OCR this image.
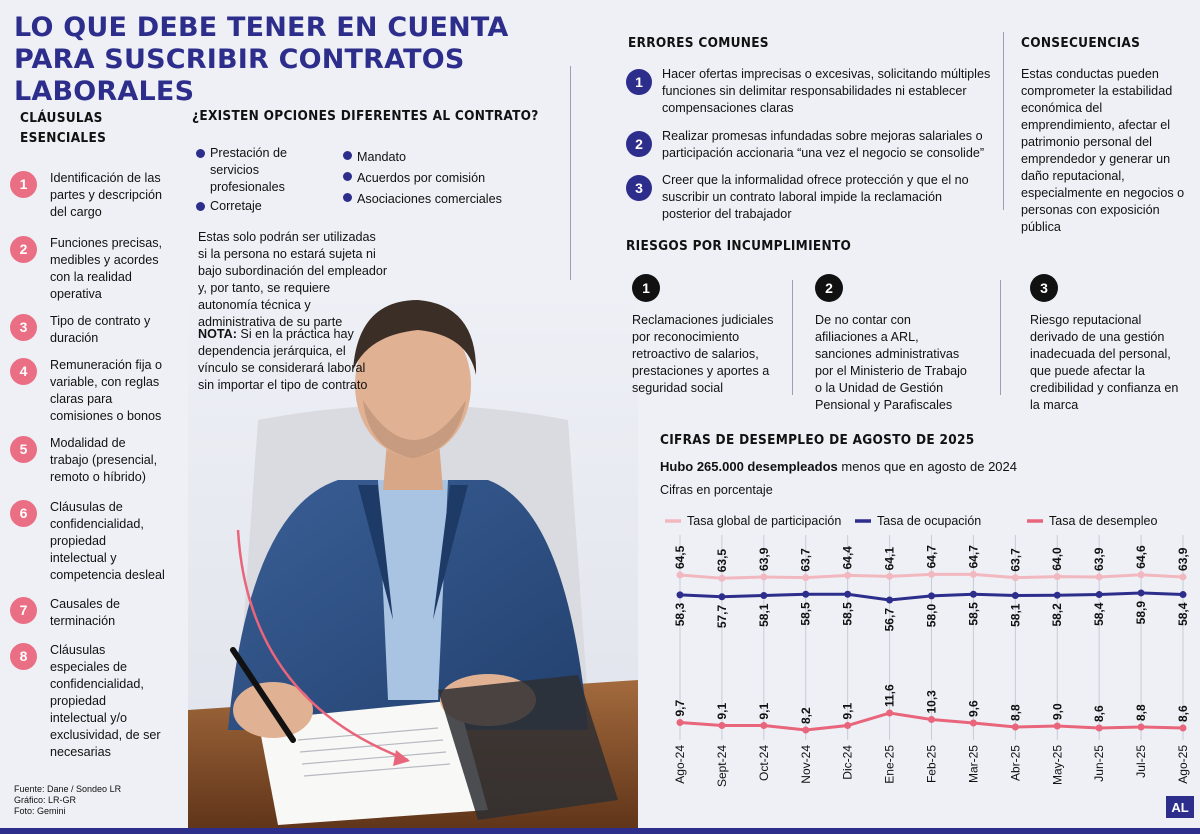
LO QUE DEBE TENER EN CUENTA PARA SUSCRIBIR CONTRATOS LABORALES
CLÁUSULAS
ESENCIALES
1	Identificación de las partes y descripción del cargo
2	Funciones precisas, medibles y acordes con la realidad operativa
3	Tipo de contrato y duración
4	Remuneración fija o variable, con reglas claras para comisiones o bonos
5	Modalidad de trabajo (presencial, remoto o híbrido)
6	Cláusulas de confidencialidad, propiedad intelectual y competencia desleal
7	Causales de terminación
8	Cláusulas especiales de confidencialidad, propiedad intelectual y/o exclusividad, de ser necesarias
¿EXISTEN OPCIONES DIFERENTES AL CONTRATO?
Prestación de servicios profesionales
Corretaje
Mandato
Acuerdos por comisión
Asociaciones comerciales
Estas solo podrán ser utilizadas si la persona no estará sujeta ni bajo subordinación del empleador y, por tanto, se requiere autonomía técnica y administrativa de su parte
NOTA: Si en la práctica hay dependencia jerárquica, el vínculo se considerará laboral sin importar el tipo de contrato
ERRORES COMUNES
1	Hacer ofertas imprecisas o excesivas, solicitando múltiples funciones sin delimitar responsabilidades ni establecer compensaciones claras
2	Realizar promesas infundadas sobre mejoras salariales o participación accionaria “una vez el negocio se consolide”
3	Creer que la informalidad ofrece protección y que el no suscribir un contrato laboral impide la reclamación posterior del trabajador
CONSECUENCIAS
Estas conductas pueden comprometer la estabilidad económica del emprendimiento, afectar el patrimonio personal del emprendedor y generar un daño reputacional, especialmente en negocios o personas con exposición pública
RIESGOS POR INCUMPLIMIENTO
1
Reclamaciones judiciales por reconocimiento retroactivo de salarios, prestaciones y aportes a seguridad social
2
De no contar con afiliaciones a ARL, sanciones administrativas por el Ministerio de Trabajo o la Unidad de Gestión Pensional y Parafiscales
3
Riesgo reputacional derivado de una gestión inadecuada del personal, que puede afectar la credibilidad y confianza en la marca
CIFRAS DE DESEMPLEO DE AGOSTO DE 2025
Hubo 265.000 desempleados menos que en agosto de 2024
Cifras en porcentaje
Tasa global de participación	Tasa de ocupación	Tasa de desempleo
64,5 63,5 63,9 63,7 64,4 64,1 64,7 64,7 63,7 64,0 63,9 64,6 63,9
58,3 57,7 58,1 58,5 58,5 56,7 58,0 58,5 58,1 58,2 58,4 58,9 58,4
9,7 9,1 9,1 8,2 9,1
11,6 10,3 9,6 8,8 9,0 8,6 8,8 8,6
Ago-24 Sept-24 Oct-24 Nov-24 Dic-24 Ene-25 Feb-25 Mar-25 Abr-25 May-25 Jun-25 Jul-25 Ago-25
Fuente: Dane / Sondeo LR
Gráfico: LR-GR
Foto: Gemini	AL
